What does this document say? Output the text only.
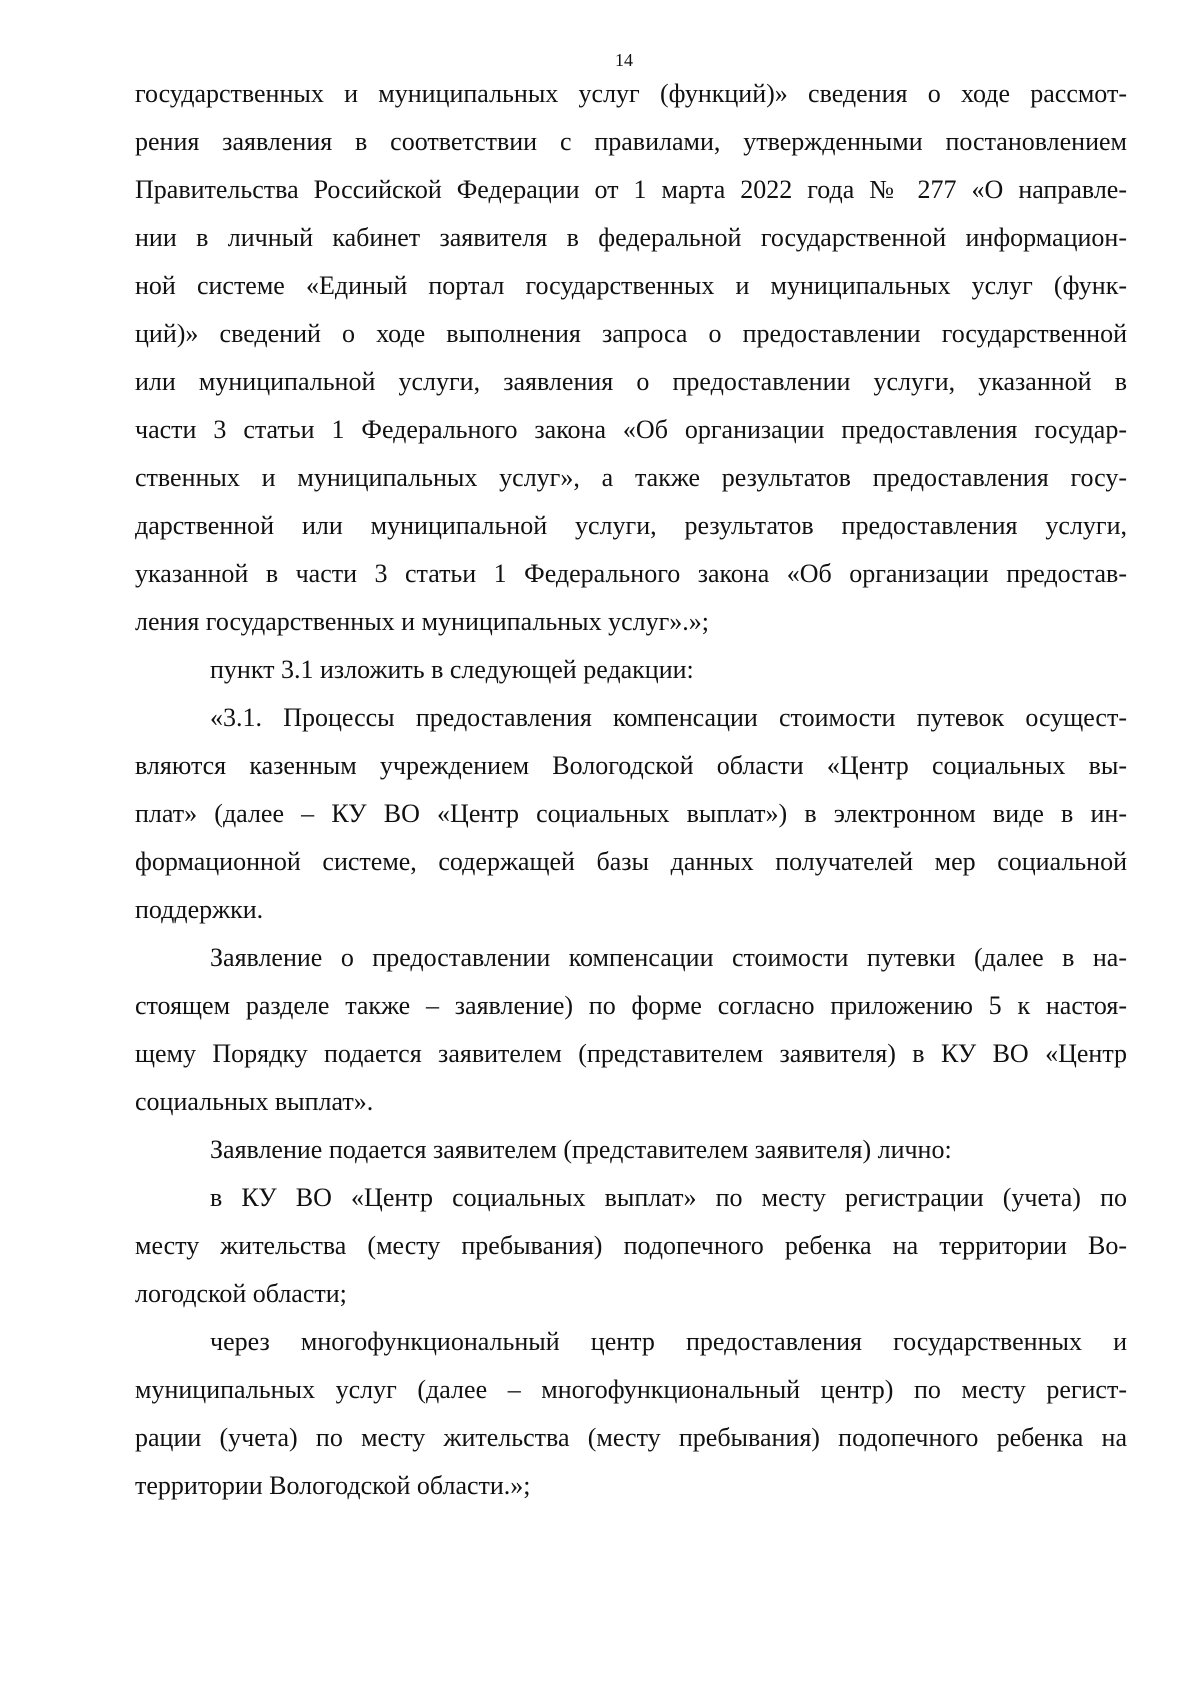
14
государственных и муниципальных услуг (функций)» сведения о ходе рассмот-
рения заявления в соответствии с правилами, утвержденными постановлением
Правительства Российской Федерации от 1 марта 2022 года № 277 «О направле-
нии в личный кабинет заявителя в федеральной государственной информацион-
ной системе «Единый портал государственных и муниципальных услуг (функ-
ций)» сведений о ходе выполнения запроса о предоставлении государственной
или муниципальной услуги, заявления о предоставлении услуги, указанной в
части 3 статьи 1 Федерального закона «Об организации предоставления государ-
ственных и муниципальных услуг», а также результатов предоставления госу-
дарственной или муниципальной услуги, результатов предоставления услуги,
указанной в части 3 статьи 1 Федерального закона «Об организации предостав-
ления государственных и муниципальных услуг».»;
пункт 3.1 изложить в следующей редакции:
«3.1. Процессы предоставления компенсации стоимости путевок осущест-
вляются казенным учреждением Вологодской области «Центр социальных вы-
плат» (далее – КУ ВО «Центр социальных выплат») в электронном виде в ин-
формационной системе, содержащей базы данных получателей мер социальной
поддержки.
Заявление о предоставлении компенсации стоимости путевки (далее в на-
стоящем разделе также – заявление) по форме согласно приложению 5 к настоя-
щему Порядку подается заявителем (представителем заявителя) в КУ ВО «Центр
социальных выплат».
Заявление подается заявителем (представителем заявителя) лично:
в КУ ВО «Центр социальных выплат» по месту регистрации (учета) по
месту жительства (месту пребывания) подопечного ребенка на территории Во-
логодской области;
через многофункциональный центр предоставления государственных и
муниципальных услуг (далее – многофункциональный центр) по месту регист-
рации (учета) по месту жительства (месту пребывания) подопечного ребенка на
территории Вологодской области.»;
